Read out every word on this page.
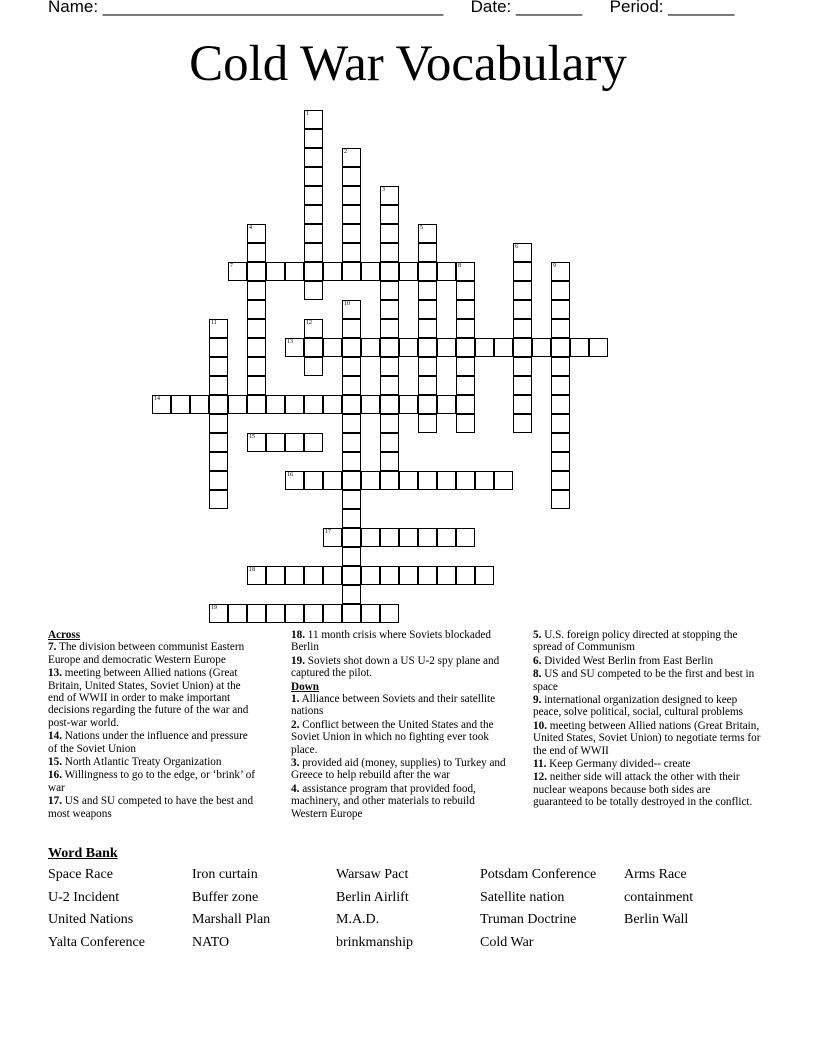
Name: ____________________________________ Date: _______ Period: _______
Cold War Vocabulary
1
2
3
4	5
6
7	8	9
10
11	12
13
14
15
16
17
18
19
Across
7. The division between communist Eastern Europe and democratic Western Europe
13. meeting between Allied nations (Great Britain, United States, Soviet Union) at the end of WWII in order to make important decisions regarding the future of the war and post-war world.
14. Nations under the influence and pressure of the Soviet Union
15. North Atlantic Treaty Organization
16. Willingness to go to the edge, or ‘brink’ of war
17. US and SU competed to have the best and most weapons
18. 11 month crisis where Soviets blockaded Berlin
19. Soviets shot down a US U-2 spy plane and captured the pilot.
Down
1. Alliance between Soviets and their satellite nations
2. Conflict between the United States and the Soviet Union in which no fighting ever took place.
3. provided aid (money, supplies) to Turkey and Greece to help rebuild after the war
4. assistance program that provided food, machinery, and other materials to rebuild Western Europe
5. U.S. foreign policy directed at stopping the spread of Communism
6. Divided West Berlin from East Berlin
8. US and SU competed to be the first and best in space
9. international organization designed to keep peace, solve political, social, cultural problems
10. meeting between Allied nations (Great Britain, United States, Soviet Union) to negotiate terms for the end of WWII
11. Keep Germany divided-- create
12. neither side will attack the other with their nuclear weapons because both sides are guaranteed to be totally destroyed in the conflict.
Word Bank
Space Race	Iron curtain	Warsaw Pact	Potsdam Conference	Arms Race
U-2 Incident	Buffer zone	Berlin Airlift	Satellite nation	containment
United Nations	Marshall Plan	M.A.D.	Truman Doctrine	Berlin Wall
Yalta Conference	NATO	brinkmanship	Cold War
